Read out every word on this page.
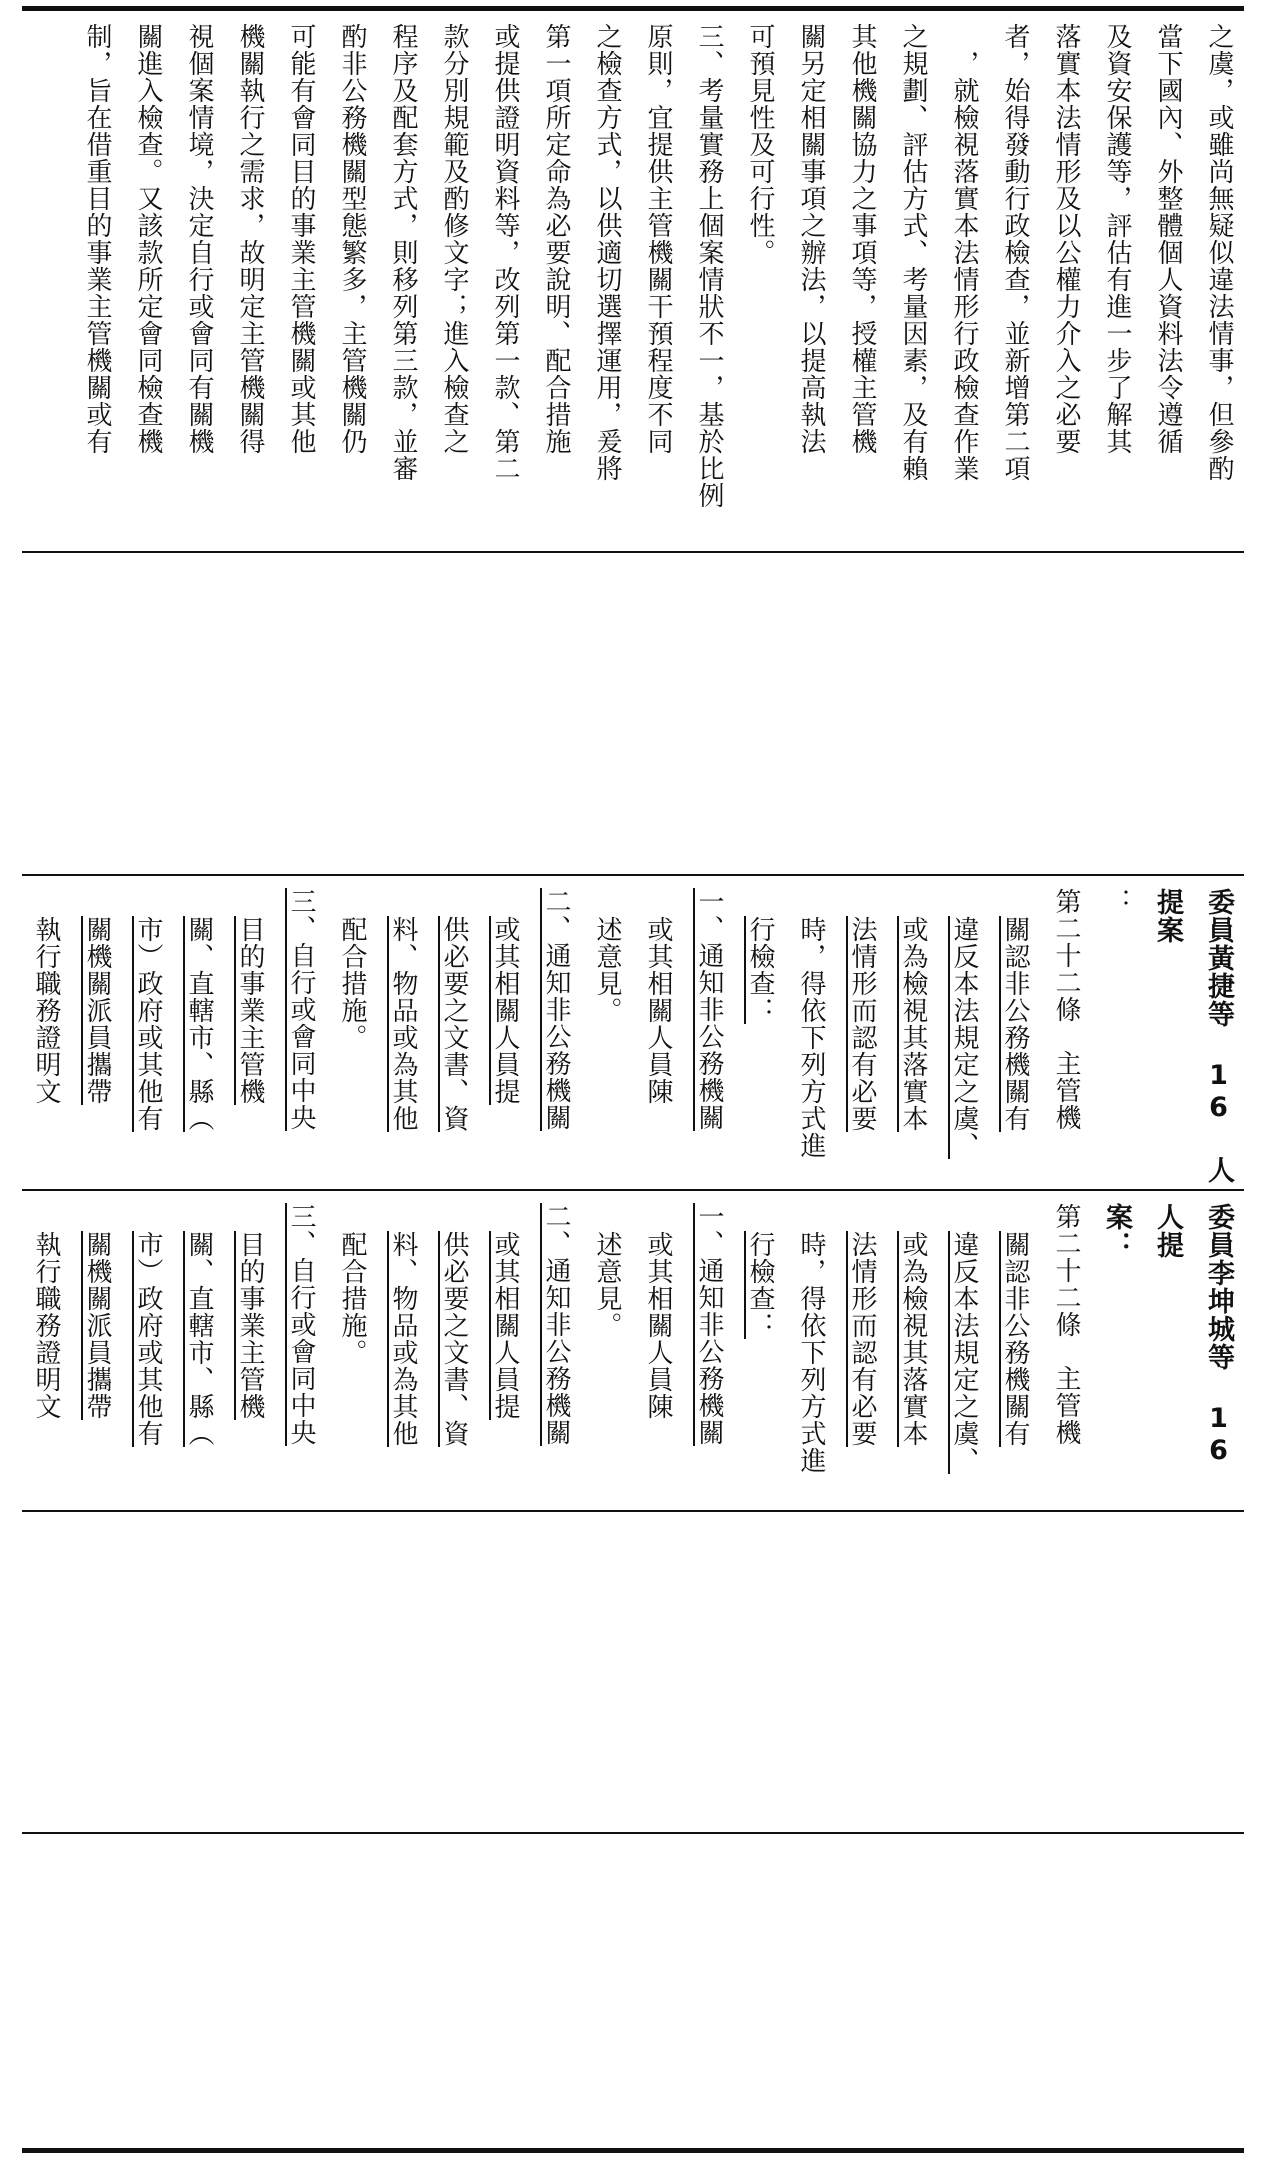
之虞，或雖尚無疑似違法情事，但參酌

當下國內、外整體個人資料法令遵循

及資安保護等，評估有進一步了解其

落實本法情形及以公權力介入之必要

者，始得發動行政檢查，並新增第二項

　，就檢視落實本法情形行政檢查作業

之規劃、評估方式、考量因素，及有賴

其他機關協力之事項等，授權主管機

關另定相關事項之辦法，以提高執法

可預見性及可行性。

三、考量實務上個案情狀不一，基於比例

原則，宜提供主管機關干預程度不同

之檢查方式，以供適切選擇運用，爰將

第一項所定命為必要說明、配合措施

或提供證明資料等，改列第一款、第二

款分別規範及酌修文字；進入檢查之

程序及配套方式，則移列第三款，並審

酌非公務機關型態繁多，主管機關仍

可能有會同目的事業主管機關或其他

機關執行之需求，故明定主管機關得

視個案情境，決定自行或會同有關機

關進入檢查。又該款所定會同檢查機

制，旨在借重目的事業主管機關或有

委員黃捷等 16 人提案

：

第二十二條　主管機

關認非公務機關有

違反本法規定之虞、

或為檢視其落實本

法情形而認有必要

時，得依下列方式進

行檢查：

一、通知非公務機關

或其相關人員陳

述意見。

二、通知非公務機關

或其相關人員提

供必要之文書、資

料、物品或為其他

配合措施。

三、自行或會同中央

目的事業主管機

關、直轄市、縣（

市）政府或其他有

關機關派員攜帶

執行職務證明文

委員李坤城等 16 人提

案：

第二十二條　主管機

關認非公務機關有

違反本法規定之虞、

或為檢視其落實本

法情形而認有必要

時，得依下列方式進

行檢查：

一、通知非公務機關

或其相關人員陳

述意見。

二、通知非公務機關

或其相關人員提

供必要之文書、資

料、物品或為其他

配合措施。

三、自行或會同中央

目的事業主管機

關、直轄市、縣（

市）政府或其他有

關機關派員攜帶

執行職務證明文
